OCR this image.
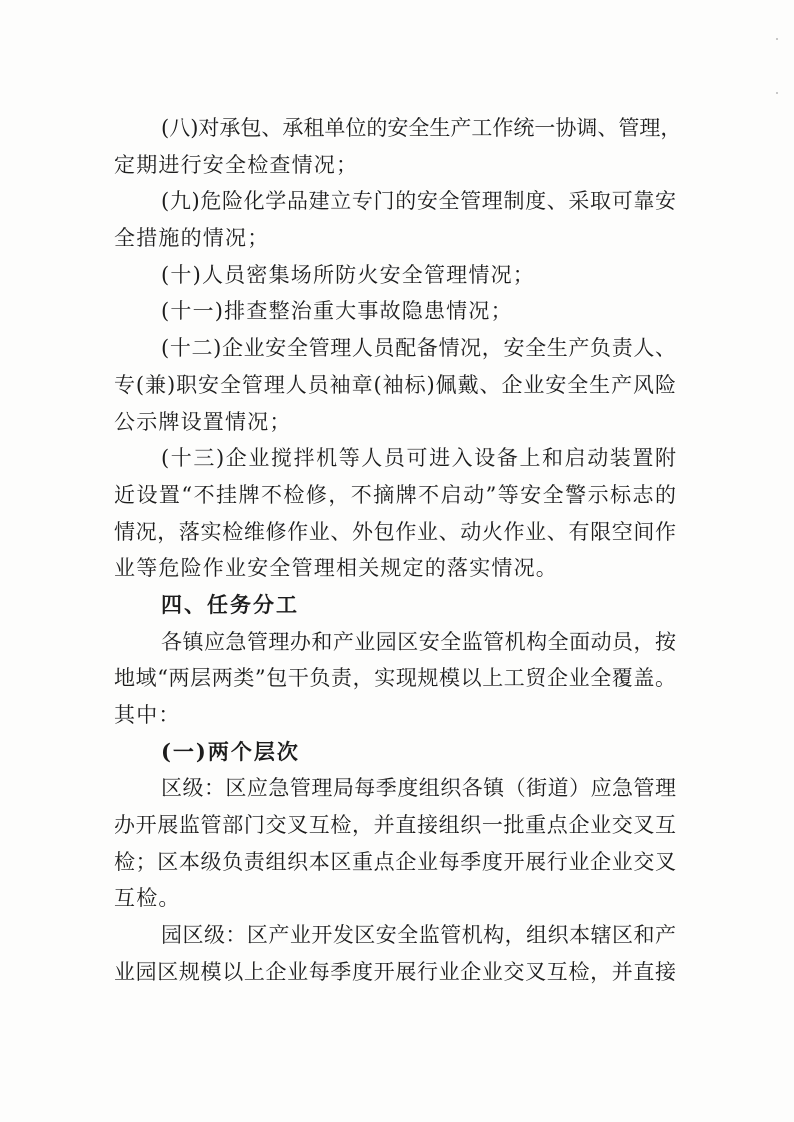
(八)对承包、承租单位的安全生产工作统一协调、管理，
定期进行安全检查情况；
(九)危险化学品建立专门的安全管理制度、采取可靠安
全措施的情况；
(十)人员密集场所防火安全管理情况；
(十一)排查整治重大事故隐患情况；
(十二)企业安全管理人员配备情况，安全生产负责人、
专(兼)职安全管理人员袖章(袖标)佩戴、企业安全生产风险
公示牌设置情况；
(十三)企业搅拌机等人员可进入设备上和启动装置附
近设置“不挂牌不检修，不摘牌不启动”等安全警示标志的
情况，落实检维修作业、外包作业、动火作业、有限空间作
业等危险作业安全管理相关规定的落实情况。
四、任务分工
各镇应急管理办和产业园区安全监管机构全面动员，按
地域“两层两类”包干负责，实现规模以上工贸企业全覆盖。
其中：
(一)两个层次
区级：区应急管理局每季度组织各镇（街道）应急管理
办开展监管部门交叉互检，并直接组织一批重点企业交叉互
检；区本级负责组织本区重点企业每季度开展行业企业交叉
互检。
园区级：区产业开发区安全监管机构，组织本辖区和产
业园区规模以上企业每季度开展行业企业交叉互检，并直接
